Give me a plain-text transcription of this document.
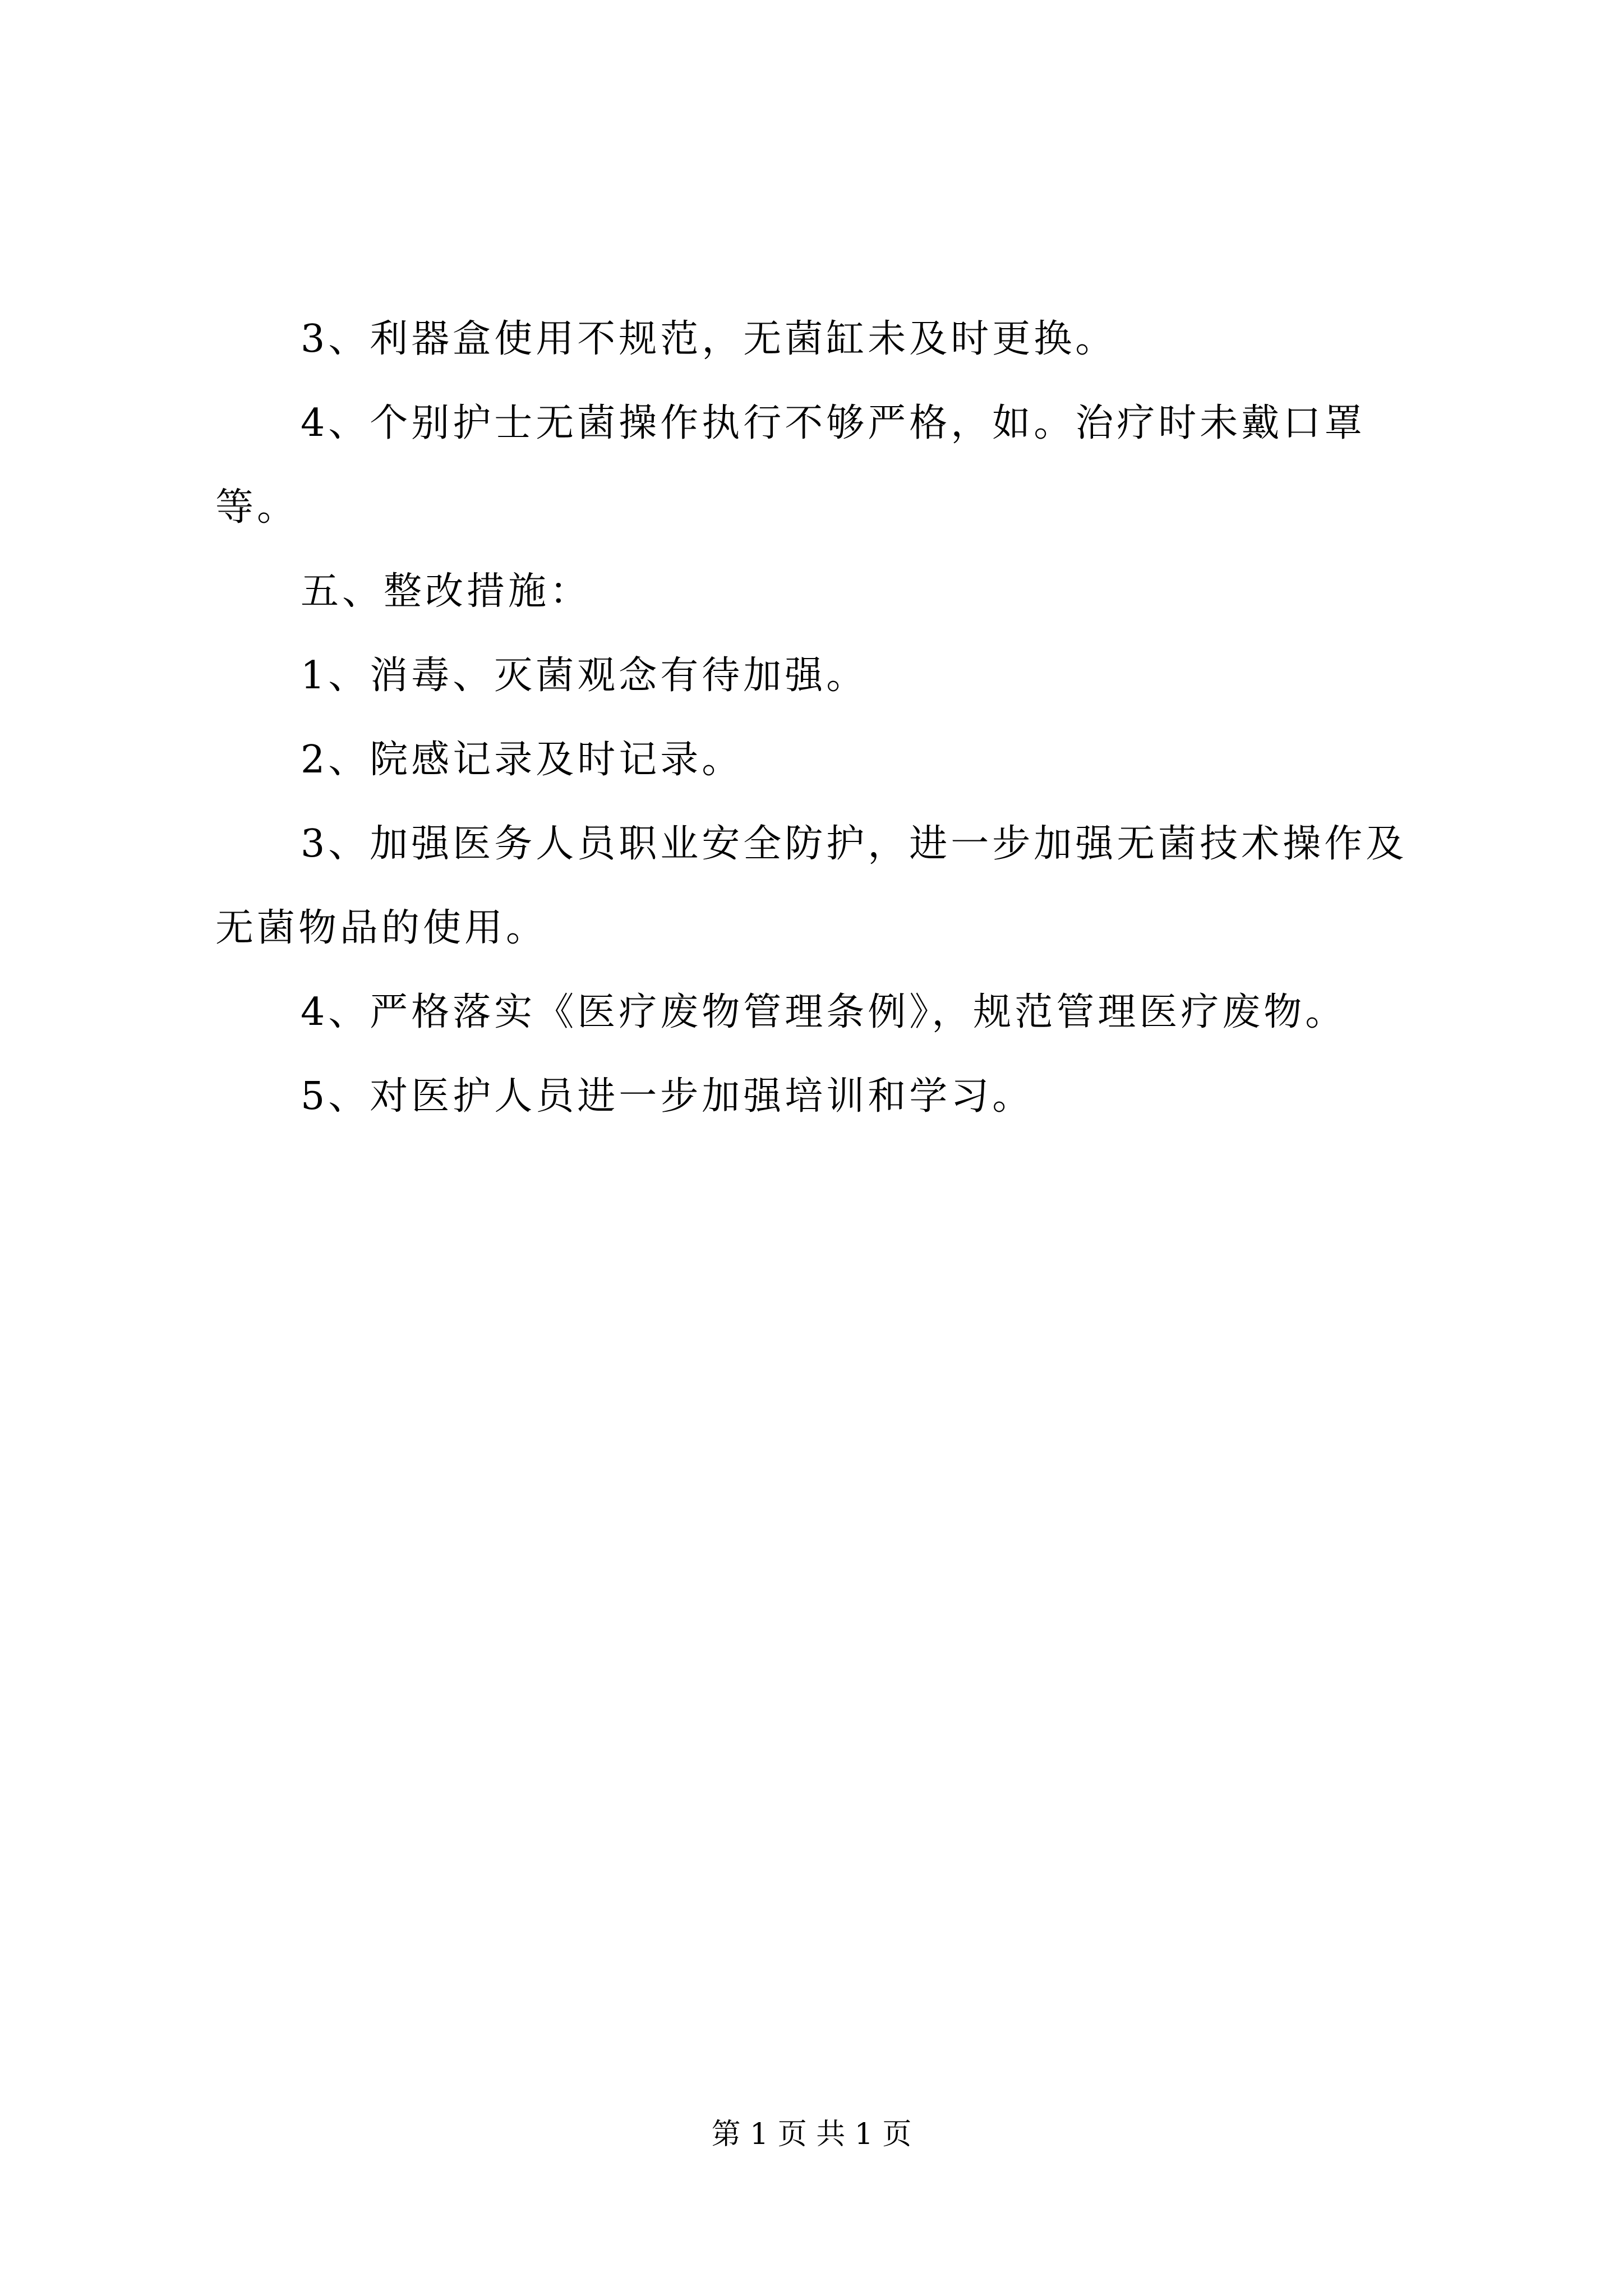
3、利器盒使用不规范，无菌缸未及时更换。

4、个别护士无菌操作执行不够严格，如。治疗时未戴口罩等。

五、整改措施：

1、消毒、灭菌观念有待加强。

2、院感记录及时记录。

3、加强医务人员职业安全防护，进一步加强无菌技术操作及无菌物品的使用。

4、严格落实《医疗废物管理条例》，规范管理医疗废物。

5、对医护人员进一步加强培训和学习。

第 1 页 共 1 页
